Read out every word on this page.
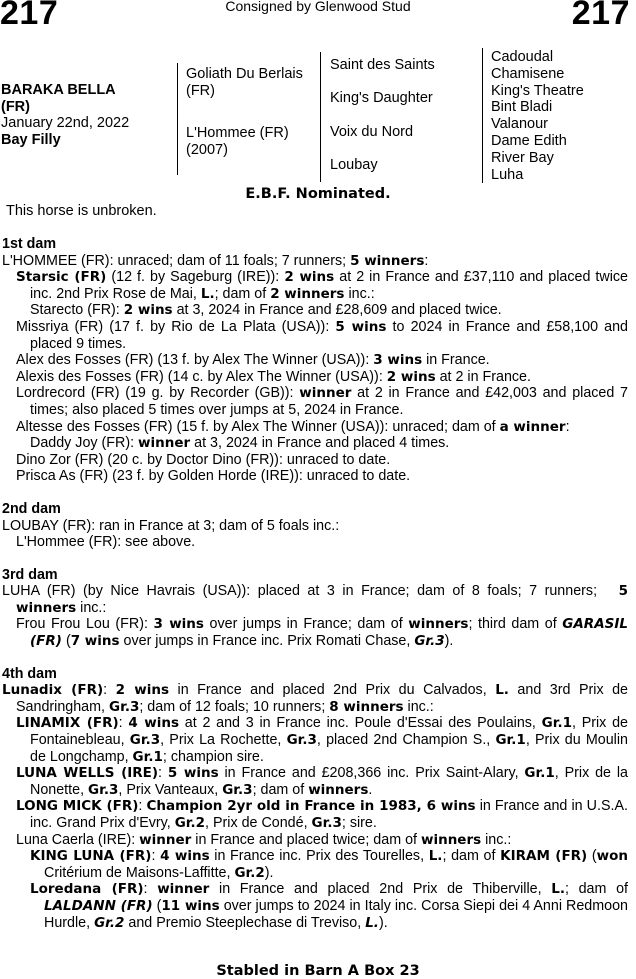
217	Consigned by Glenwood Stud	217
BARAKA BELLA
(FR)
January 22nd, 2022
Bay Filly
Goliath Du Berlais (FR)
L'Hommee (FR) (2007)
Saint des Saints
King's Daughter
Voix du Nord
Loubay
Cadoudal
Chamisene
King's Theatre
Bint Bladi
Valanour
Dame Edith
River Bay
Luha
E.B.F. Nominated.
This horse is unbroken.
1st dam
L'HOMMEE (FR): unraced; dam of 11 foals; 7 runners; 5 winners:
Starsic (FR) (12 f. by Sageburg (IRE)): 2 wins at 2 in France and £37,110 and placed twice inc. 2nd Prix Rose de Mai, L.; dam of 2 winners inc.:
Starecto (FR): 2 wins at 3, 2024 in France and £28,609 and placed twice.
Missriya (FR) (17 f. by Rio de La Plata (USA)): 5 wins to 2024 in France and £58,100 and placed 9 times.
Alex des Fosses (FR) (13 f. by Alex The Winner (USA)): 3 wins in France.
Alexis des Fosses (FR) (14 c. by Alex The Winner (USA)): 2 wins at 2 in France.
Lordrecord (FR) (19 g. by Recorder (GB)): winner at 2 in France and £42,003 and placed 7 times; also placed 5 times over jumps at 5, 2024 in France.
Altesse des Fosses (FR) (15 f. by Alex The Winner (USA)): unraced; dam of a winner:
Daddy Joy (FR): winner at 3, 2024 in France and placed 4 times.
Dino Zor (FR) (20 c. by Doctor Dino (FR)): unraced to date.
Prisca As (FR) (23 f. by Golden Horde (IRE)): unraced to date.
2nd dam
LOUBAY (FR): ran in France at 3; dam of 5 foals inc.:
L'Hommee (FR): see above.
3rd dam
LUHA (FR) (by Nice Havrais (USA)): placed at 3 in France; dam of 8 foals; 7 runners; 5 winners inc.:
Frou Frou Lou (FR): 3 wins over jumps in France; dam of winners; third dam of GARASIL (FR) (7 wins over jumps in France inc. Prix Romati Chase, Gr.3).
4th dam
Lunadix (FR): 2 wins in France and placed 2nd Prix du Calvados, L. and 3rd Prix de Sandringham, Gr.3; dam of 12 foals; 10 runners; 8 winners inc.:
LINAMIX (FR): 4 wins at 2 and 3 in France inc. Poule d'Essai des Poulains, Gr.1, Prix de Fontainebleau, Gr.3, Prix La Rochette, Gr.3, placed 2nd Champion S., Gr.1, Prix du Moulin de Longchamp, Gr.1; champion sire.
LUNA WELLS (IRE): 5 wins in France and £208,366 inc. Prix Saint-Alary, Gr.1, Prix de la Nonette, Gr.3, Prix Vanteaux, Gr.3; dam of winners.
LONG MICK (FR): Champion 2yr old in France in 1983, 6 wins in France and in U.S.A. inc. Grand Prix d'Evry, Gr.2, Prix de Condé, Gr.3; sire.
Luna Caerla (IRE): winner in France and placed twice; dam of winners inc.:
KING LUNA (FR): 4 wins in France inc. Prix des Tourelles, L.; dam of KIRAM (FR) (won Critérium de Maisons-Laffitte, Gr.2).
Loredana (FR): winner in France and placed 2nd Prix de Thiberville, L.; dam of LALDANN (FR) (11 wins over jumps to 2024 in Italy inc. Corsa Siepi dei 4 Anni Redmoon Hurdle, Gr.2 and Premio Steeplechase di Treviso, L.).
Stabled in Barn A Box 23
